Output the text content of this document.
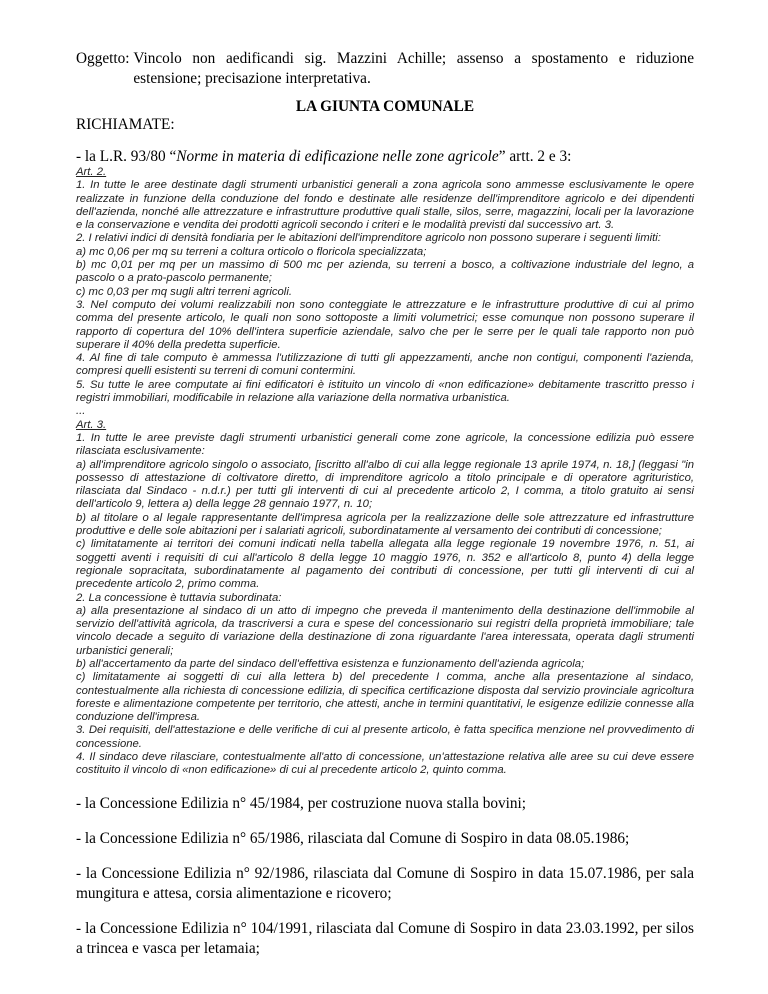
Oggetto: Vincolo non aedificandi sig. Mazzini Achille; assenso a spostamento e riduzione estensione; precisazione interpretativa.
LA GIUNTA COMUNALE
RICHIAMATE:
- la L.R. 93/80 “Norme in materia di edificazione nelle zone agricole” artt. 2 e 3:

Art. 2.

1. In tutte le aree destinate dagli strumenti urbanistici generali a zona agricola sono ammesse esclusivamente le opere realizzate in funzione della conduzione del fondo e destinate alle residenze dell'imprenditore agricolo e dei dipendenti dell'azienda, nonché alle attrezzature e infrastrutture produttive quali stalle, silos, serre, magazzini, locali per la lavorazione e la conservazione e vendita dei prodotti agricoli secondo i criteri e le modalità previsti dal successivo art. 3.

2. I relativi indici di densità fondiaria per le abitazioni dell'imprenditore agricolo non possono superare i seguenti limiti:

a) mc 0,06 per mq su terreni a coltura orticolo o floricola specializzata;

b) mc 0,01 per mq per un massimo di 500 mc per azienda, su terreni a bosco, a coltivazione industriale del legno, a pascolo o a prato-pascolo permanente;

c) mc 0,03 per mq sugli altri terreni agricoli.

3. Nel computo dei volumi realizzabili non sono conteggiate le attrezzature e le infrastrutture produttive di cui al primo comma del presente articolo, le quali non sono sottoposte a limiti volumetrici; esse comunque non possono superare il rapporto di copertura del 10% dell'intera superficie aziendale, salvo che per le serre per le quali tale rapporto non può superare il 40% della predetta superficie.

4. Al fine di tale computo è ammessa l'utilizzazione di tutti gli appezzamenti, anche non contigui, componenti l'azienda, compresi quelli esistenti su terreni di comuni contermini.

5. Su tutte le aree computate ai fini edificatori è istituito un vincolo di «non edificazione» debitamente trascritto presso i registri immobiliari, modificabile in relazione alla variazione della normativa urbanistica.

...

Art. 3.

1. In tutte le aree previste dagli strumenti urbanistici generali come zone agricole, la concessione edilizia può essere rilasciata esclusivamente:

a) all'imprenditore agricolo singolo o associato, [iscritto all'albo di cui alla legge regionale 13 aprile 1974, n. 18,] (leggasi "in possesso di attestazione di coltivatore diretto, di imprenditore agricolo a titolo principale e di operatore agrituristico, rilasciata dal Sindaco - n.d.r.) per tutti gli interventi di cui al precedente articolo 2, I comma, a titolo gratuito ai sensi dell'articolo 9, lettera a) della legge 28 gennaio 1977, n. 10;

b) al titolare o al legale rappresentante dell'impresa agricola per la realizzazione delle sole attrezzature ed infrastrutture produttive e delle sole abitazioni per i salariati agricoli, subordinatamente al versamento dei contributi di concessione;

c) limitatamente ai territori dei comuni indicati nella tabella allegata alla legge regionale 19 novembre 1976, n. 51, ai soggetti aventi i requisiti di cui all'articolo 8 della legge 10 maggio 1976, n. 352 e all'articolo 8, punto 4) della legge regionale sopracitata, subordinatamente al pagamento dei contributi di concessione, per tutti gli interventi di cui al precedente articolo 2, primo comma.

2. La concessione è tuttavia subordinata:

a) alla presentazione al sindaco di un atto di impegno che preveda il mantenimento della destinazione dell'immobile al servizio dell'attività agricola, da trascriversi a cura e spese del concessionario sui registri della proprietà immobiliare; tale vincolo decade a seguito di variazione della destinazione di zona riguardante l'area interessata, operata dagli strumenti urbanistici generali;

b) all'accertamento da parte del sindaco dell'effettiva esistenza e funzionamento dell'azienda agricola;

c) limitatamente ai soggetti di cui alla lettera b) del precedente I comma, anche alla presentazione al sindaco, contestualmente alla richiesta di concessione edilizia, di specifica certificazione disposta dal servizio provinciale agricoltura foreste e alimentazione competente per territorio, che attesti, anche in termini quantitativi, le esigenze edilizie connesse alla conduzione dell'impresa.

3. Dei requisiti, dell'attestazione e delle verifiche di cui al presente articolo, è fatta specifica menzione nel provvedimento di concessione.

4. Il sindaco deve rilasciare, contestualmente all'atto di concessione, un'attestazione relativa alle aree su cui deve essere costituito il vincolo di «non edificazione» di cui al precedente articolo 2, quinto comma.

- la Concessione Edilizia n° 45/1984, per costruzione nuova stalla bovini;
- la Concessione Edilizia n° 65/1986, rilasciata dal Comune di Sospiro in data 08.05.1986;
- la Concessione Edilizia n° 92/1986, rilasciata dal Comune di Sospiro in data 15.07.1986, per sala mungitura e attesa, corsia alimentazione e ricovero;
- la Concessione Edilizia n° 104/1991, rilasciata dal Comune di Sospiro in data 23.03.1992, per silos a trincea e vasca per letamaia;
